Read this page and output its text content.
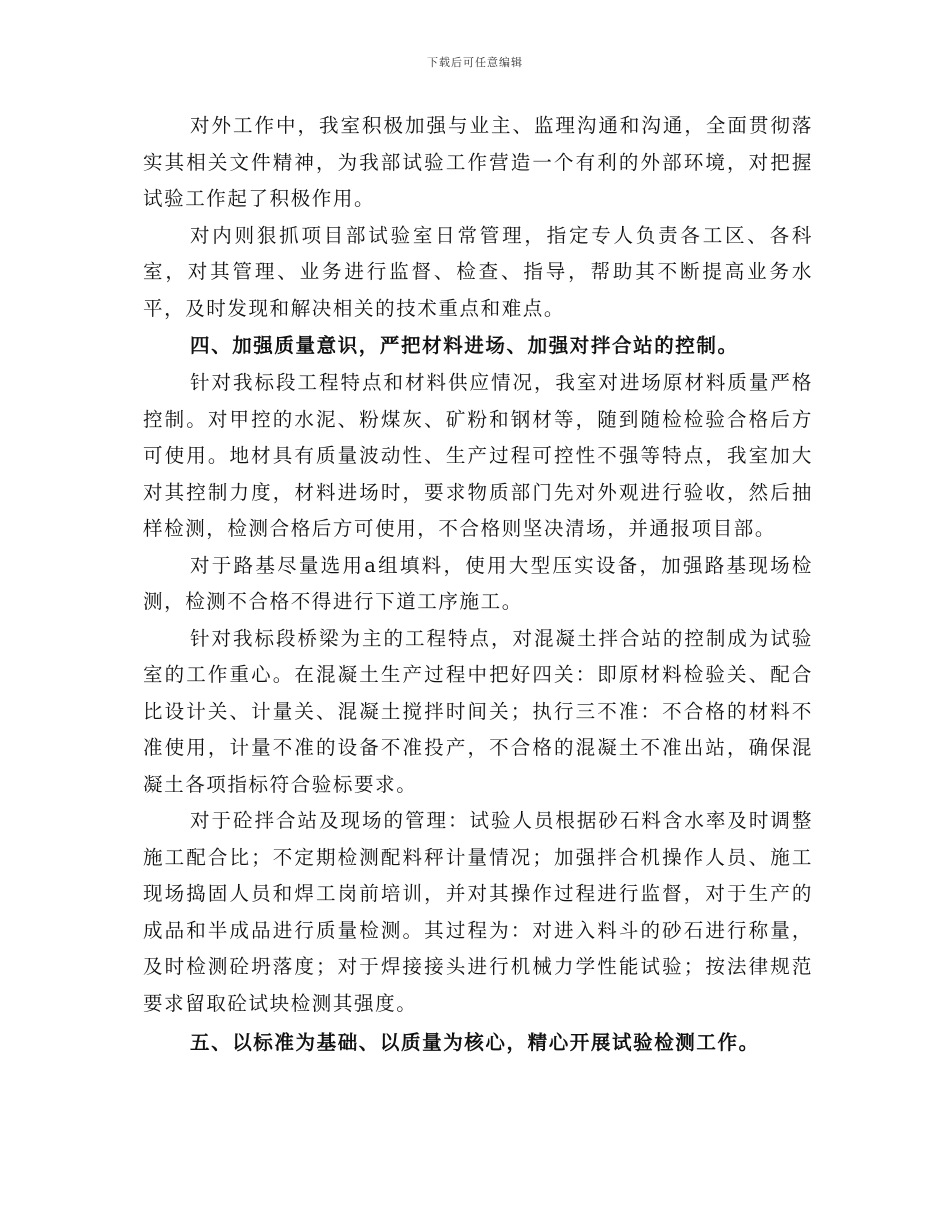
下载后可任意编辑

对外工作中，我室积极加强与业主、监理沟通和沟通，全面贯彻落实其相关文件精神，为我部试验工作营造一个有利的外部环境，对把握试验工作起了积极作用。

对内则狠抓项目部试验室日常管理，指定专人负责各工区、各科室，对其管理、业务进行监督、检查、指导，帮助其不断提高业务水平，及时发现和解决相关的技术重点和难点。

四、加强质量意识，严把材料进场、加强对拌合站的控制。

针对我标段工程特点和材料供应情况，我室对进场原材料质量严格控制。对甲控的水泥、粉煤灰、矿粉和钢材等，随到随检检验合格后方可使用。地材具有质量波动性、生产过程可控性不强等特点，我室加大对其控制力度，材料进场时，要求物质部门先对外观进行验收，然后抽样检测，检测合格后方可使用，不合格则坚决清场，并通报项目部。

对于路基尽量选用a组填料，使用大型压实设备，加强路基现场检测，检测不合格不得进行下道工序施工。

针对我标段桥梁为主的工程特点，对混凝土拌合站的控制成为试验室的工作重心。在混凝土生产过程中把好四关：即原材料检验关、配合比设计关、计量关、混凝土搅拌时间关；执行三不准：不合格的材料不准使用，计量不准的设备不准投产，不合格的混凝土不准出站，确保混凝土各项指标符合验标要求。

对于砼拌合站及现场的管理：试验人员根据砂石料含水率及时调整施工配合比；不定期检测配料秤计量情况；加强拌合机操作人员、施工现场捣固人员和焊工岗前培训，并对其操作过程进行监督，对于生产的成品和半成品进行质量检测。其过程为：对进入料斗的砂石进行称量，及时检测砼坍落度；对于焊接接头进行机械力学性能试验；按法律规范要求留取砼试块检测其强度。

五、以标准为基础、以质量为核心，精心开展试验检测工作。
